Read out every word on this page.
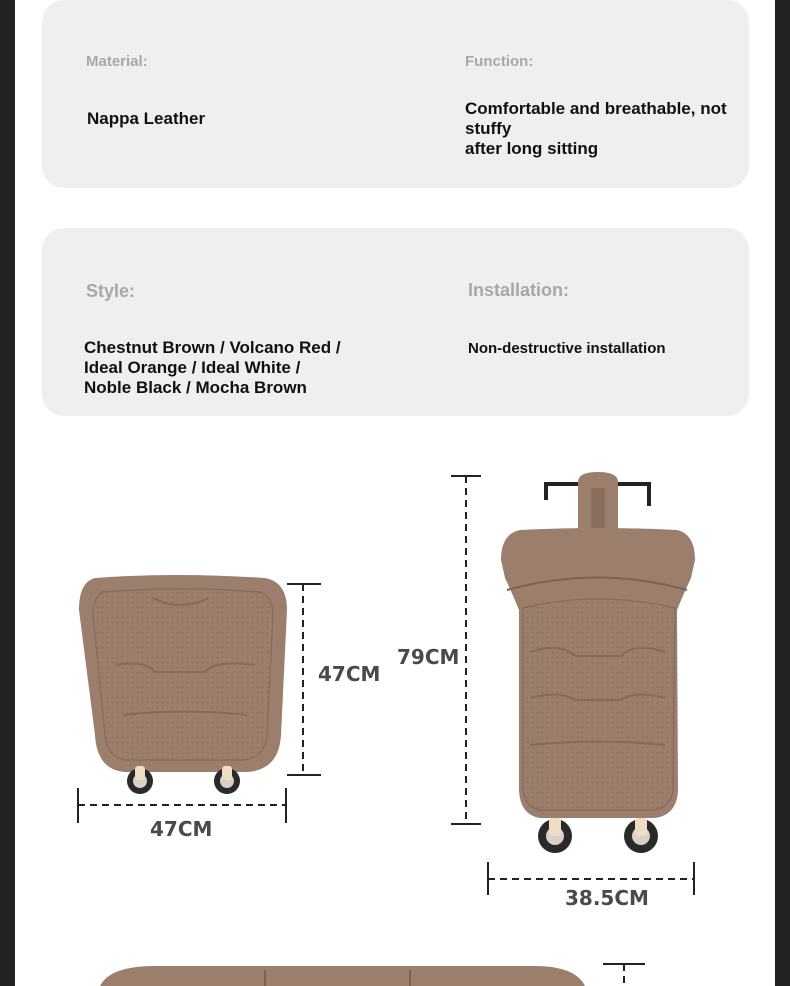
Material:
Nappa Leather
Function:
Comfortable and breathable, not stuffy
after long sitting
Style:
Chestnut Brown / Volcano Red /
Ideal Orange / Ideal White /
Noble Black / Mocha Brown
Installation:
Non-destructive installation
47CM
47CM
79CM
38.5CM
